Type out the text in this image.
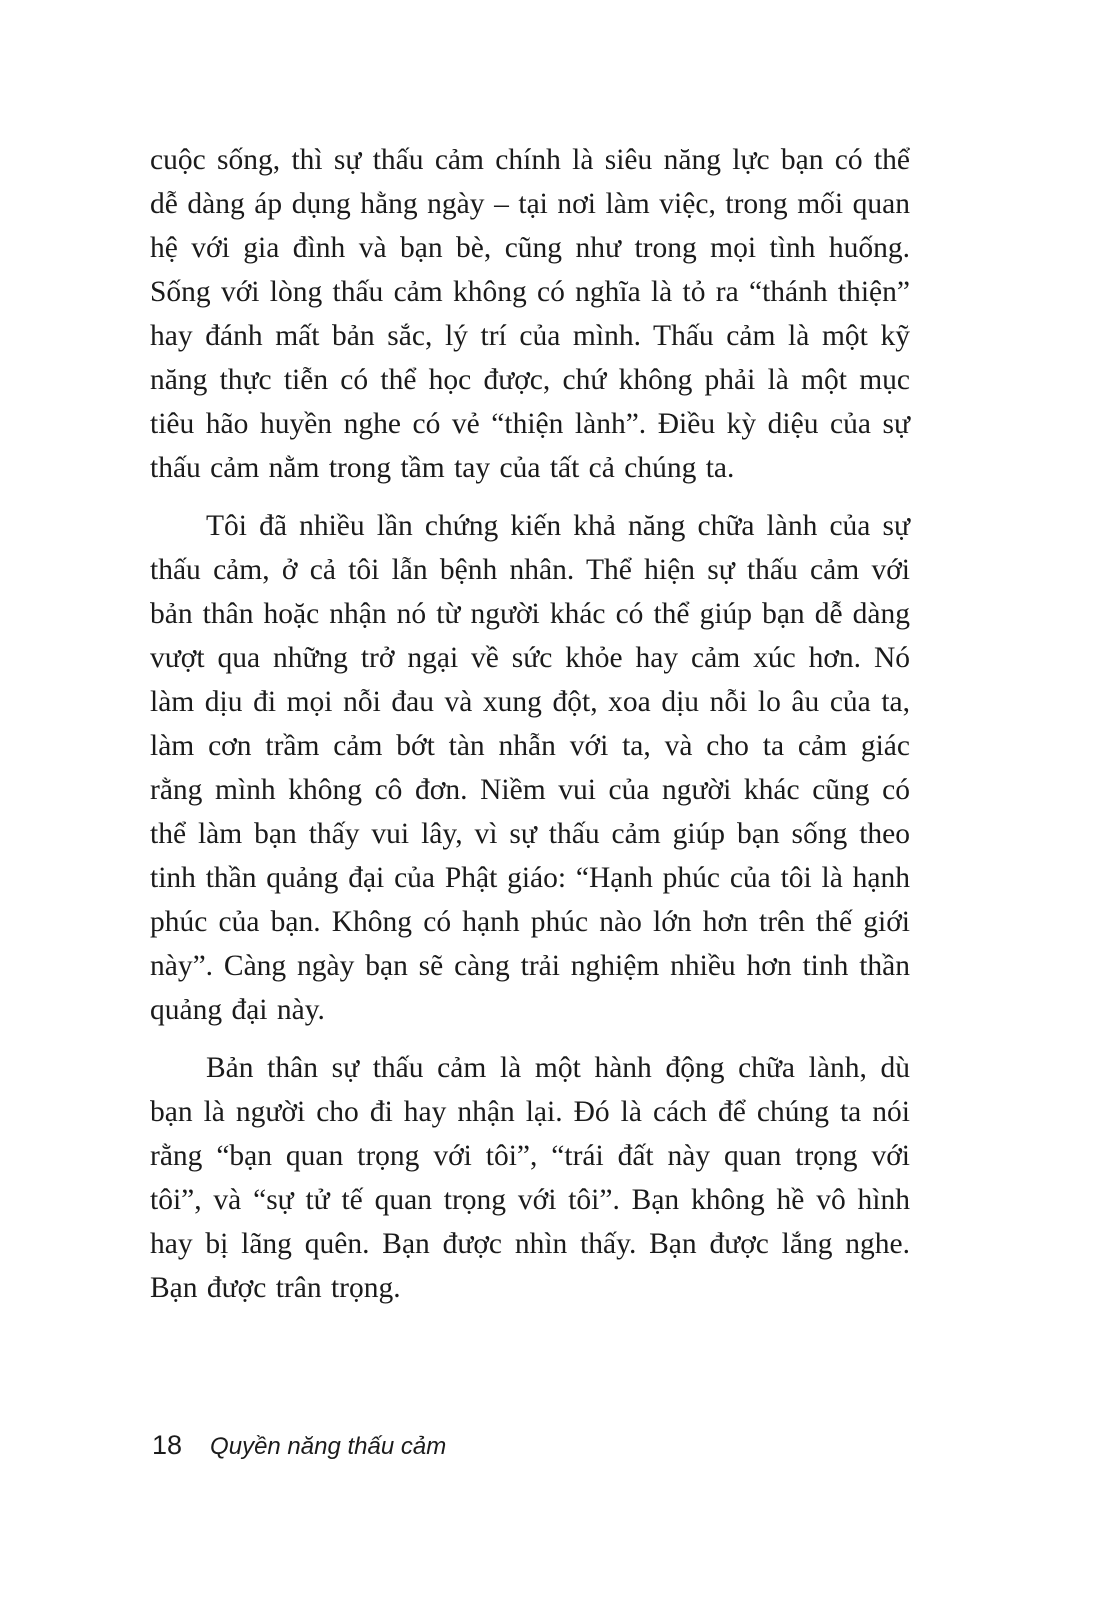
cuộc sống, thì sự thấu cảm chính là siêu năng lực bạn có thể dễ dàng áp dụng hằng ngày – tại nơi làm việc, trong mối quan hệ với gia đình và bạn bè, cũng như trong mọi tình huống. Sống với lòng thấu cảm không có nghĩa là tỏ ra “thánh thiện” hay đánh mất bản sắc, lý trí của mình. Thấu cảm là một kỹ năng thực tiễn có thể học được, chứ không phải là một mục tiêu hão huyền nghe có vẻ “thiện lành”. Điều kỳ diệu của sự thấu cảm nằm trong tầm tay của tất cả chúng ta.

Tôi đã nhiều lần chứng kiến khả năng chữa lành của sự thấu cảm, ở cả tôi lẫn bệnh nhân. Thể hiện sự thấu cảm với bản thân hoặc nhận nó từ người khác có thể giúp bạn dễ dàng vượt qua những trở ngại về sức khỏe hay cảm xúc hơn. Nó làm dịu đi mọi nỗi đau và xung đột, xoa dịu nỗi lo âu của ta, làm cơn trầm cảm bớt tàn nhẫn với ta, và cho ta cảm giác rằng mình không cô đơn. Niềm vui của người khác cũng có thể làm bạn thấy vui lây, vì sự thấu cảm giúp bạn sống theo tinh thần quảng đại của Phật giáo: “Hạnh phúc của tôi là hạnh phúc của bạn. Không có hạnh phúc nào lớn hơn trên thế giới này”. Càng ngày bạn sẽ càng trải nghiệm nhiều hơn tinh thần quảng đại này.

Bản thân sự thấu cảm là một hành động chữa lành, dù bạn là người cho đi hay nhận lại. Đó là cách để chúng ta nói rằng “bạn quan trọng với tôi”, “trái đất này quan trọng với tôi”, và “sự tử tế quan trọng với tôi”. Bạn không hề vô hình hay bị lãng quên. Bạn được nhìn thấy. Bạn được lắng nghe. Bạn được trân trọng.

18 Quyền năng thấu cảm
